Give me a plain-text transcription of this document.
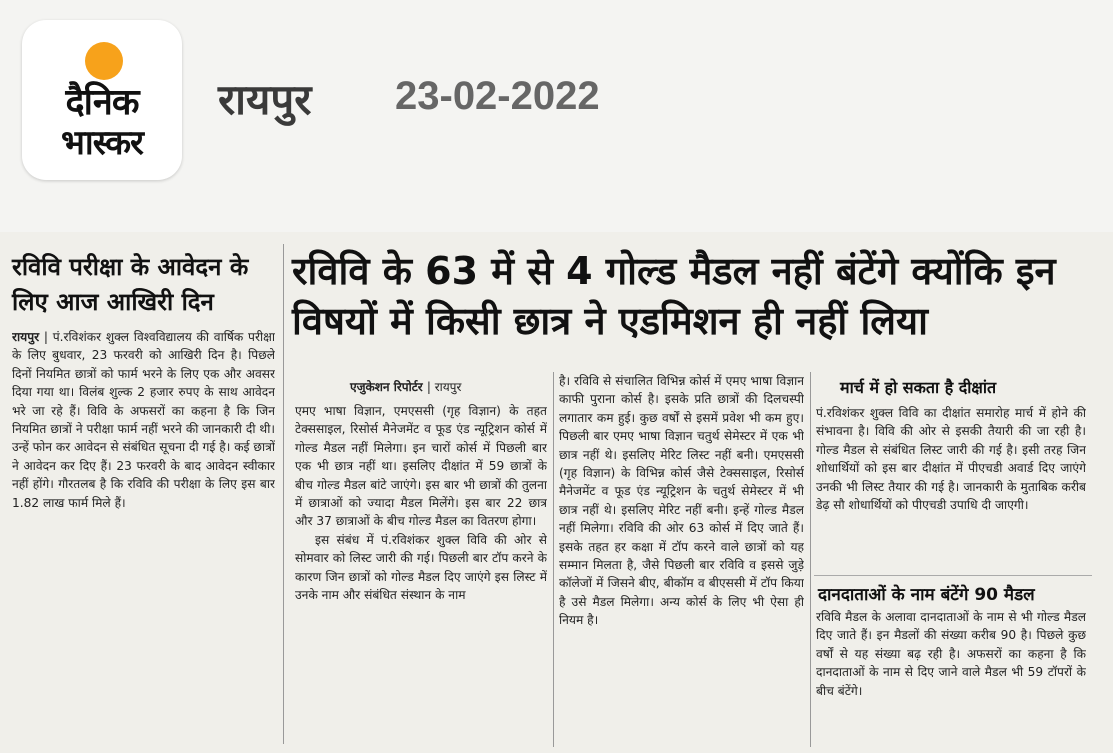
दैनिक
भास्कर
रायपुर 23-02-2022
रविवि परीक्षा के आवेदन के लिए आज आखिरी दिन
रायपुर | पं.रविशंकर शुक्ल विश्वविद्यालय की वार्षिक परीक्षा के लिए बुधवार, 23 फरवरी को आखिरी दिन है। पिछले दिनों नियमित छात्रों को फार्म भरने के लिए एक और अवसर दिया गया था। विलंब शुल्क 2 हजार रुपए के साथ आवेदन भरे जा रहे हैं। विवि के अफसरों का कहना है कि जिन नियमित छात्रों ने परीक्षा फार्म नहीं भरने की जानकारी दी थी। उन्हें फोन कर आवेदन से संबंधित सूचना दी गई है। कई छात्रों ने आवेदन कर दिए हैं। 23 फरवरी के बाद आवेदन स्वीकार नहीं होंगे। गौरतलब है कि रविवि की परीक्षा के लिए इस बार 1.82 लाख फार्म मिले हैं।
रविवि के 63 में से 4 गोल्ड मैडल नहीं बंटेंगे क्योंकि इन विषयों में किसी छात्र ने एडमिशन ही नहीं लिया
एजुकेशन रिपोर्टर | रायपुर
एमए भाषा विज्ञान, एमएससी (गृह विज्ञान) के तहत टेक्ससाइल, रिसोर्स मैनेजमेंट व फूड एंड न्यूट्रिशन कोर्स में गोल्ड मैडल नहीं मिलेगा। इन चारों कोर्स में पिछली बार एक भी छात्र नहीं था। इसलिए दीक्षांत में 59 छात्रों के बीच गोल्ड मैडल बांटे जाएंगे। इस बार भी छात्रों की तुलना में छात्राओं को ज्यादा मैडल मिलेंगे। इस बार 22 छात्र और 37 छात्राओं के बीच गोल्ड मैडल का वितरण होगा।
इस संबंध में पं.रविशंकर शुक्ल विवि की ओर से सोमवार को लिस्ट जारी की गई। पिछली बार टॉप करने के कारण जिन छात्रों को गोल्ड मैडल दिए जाएंगे इस लिस्ट में उनके नाम और संबंधित संस्थान के नाम
है। रविवि से संचालित विभिन्न कोर्स में एमए भाषा विज्ञान काफी पुराना कोर्स है। इसके प्रति छात्रों की दिलचस्पी लगातार कम हुई। कुछ वर्षों से इसमें प्रवेश भी कम हुए। पिछली बार एमए भाषा विज्ञान चतुर्थ सेमेस्टर में एक भी छात्र नहीं थे। इसलिए मेरिट लिस्ट नहीं बनी। एमएससी (गृह विज्ञान) के विभिन्न कोर्स जैसे टेक्ससाइल, रिसोर्स मैनेजमेंट व फूड एंड न्यूट्रिशन के चतुर्थ सेमेस्टर में भी छात्र नहीं थे। इसलिए मेरिट नहीं बनी। इन्हें गोल्ड मैडल नहीं मिलेगा। रविवि की ओर 63 कोर्स में दिए जाते हैं। इसके तहत हर कक्षा में टॉप करने वाले छात्रों को यह सम्मान मिलता है, जैसे पिछली बार रविवि व इससे जुड़े कॉलेजों में जिसने बीए, बीकॉम व बीएससी में टॉप किया है उसे मैडल मिलेगा। अन्य कोर्स के लिए भी ऐसा ही नियम है।
मार्च में हो सकता है दीक्षांत
पं.रविशंकर शुक्ल विवि का दीक्षांत समारोह मार्च में होने की संभावना है। विवि की ओर से इसकी तैयारी की जा रही है। गोल्ड मैडल से संबंधित लिस्ट जारी की गई है। इसी तरह जिन शोधार्थियों को इस बार दीक्षांत में पीएचडी अवार्ड दिए जाएंगे उनकी भी लिस्ट तैयार की गई है। जानकारी के मुताबिक करीब डेढ़ सौ शोधार्थियों को पीएचडी उपाधि दी जाएगी।
दानदाताओं के नाम बंटेंगे 90 मैडल
रविवि मैडल के अलावा दानदाताओं के नाम से भी गोल्ड मैडल दिए जाते हैं। इन मैडलों की संख्या करीब 90 है। पिछले कुछ वर्षों से यह संख्या बढ़ रही है। अफसरों का कहना है कि दानदाताओं के नाम से दिए जाने वाले मैडल भी 59 टॉपरों के बीच बंटेंगे।
